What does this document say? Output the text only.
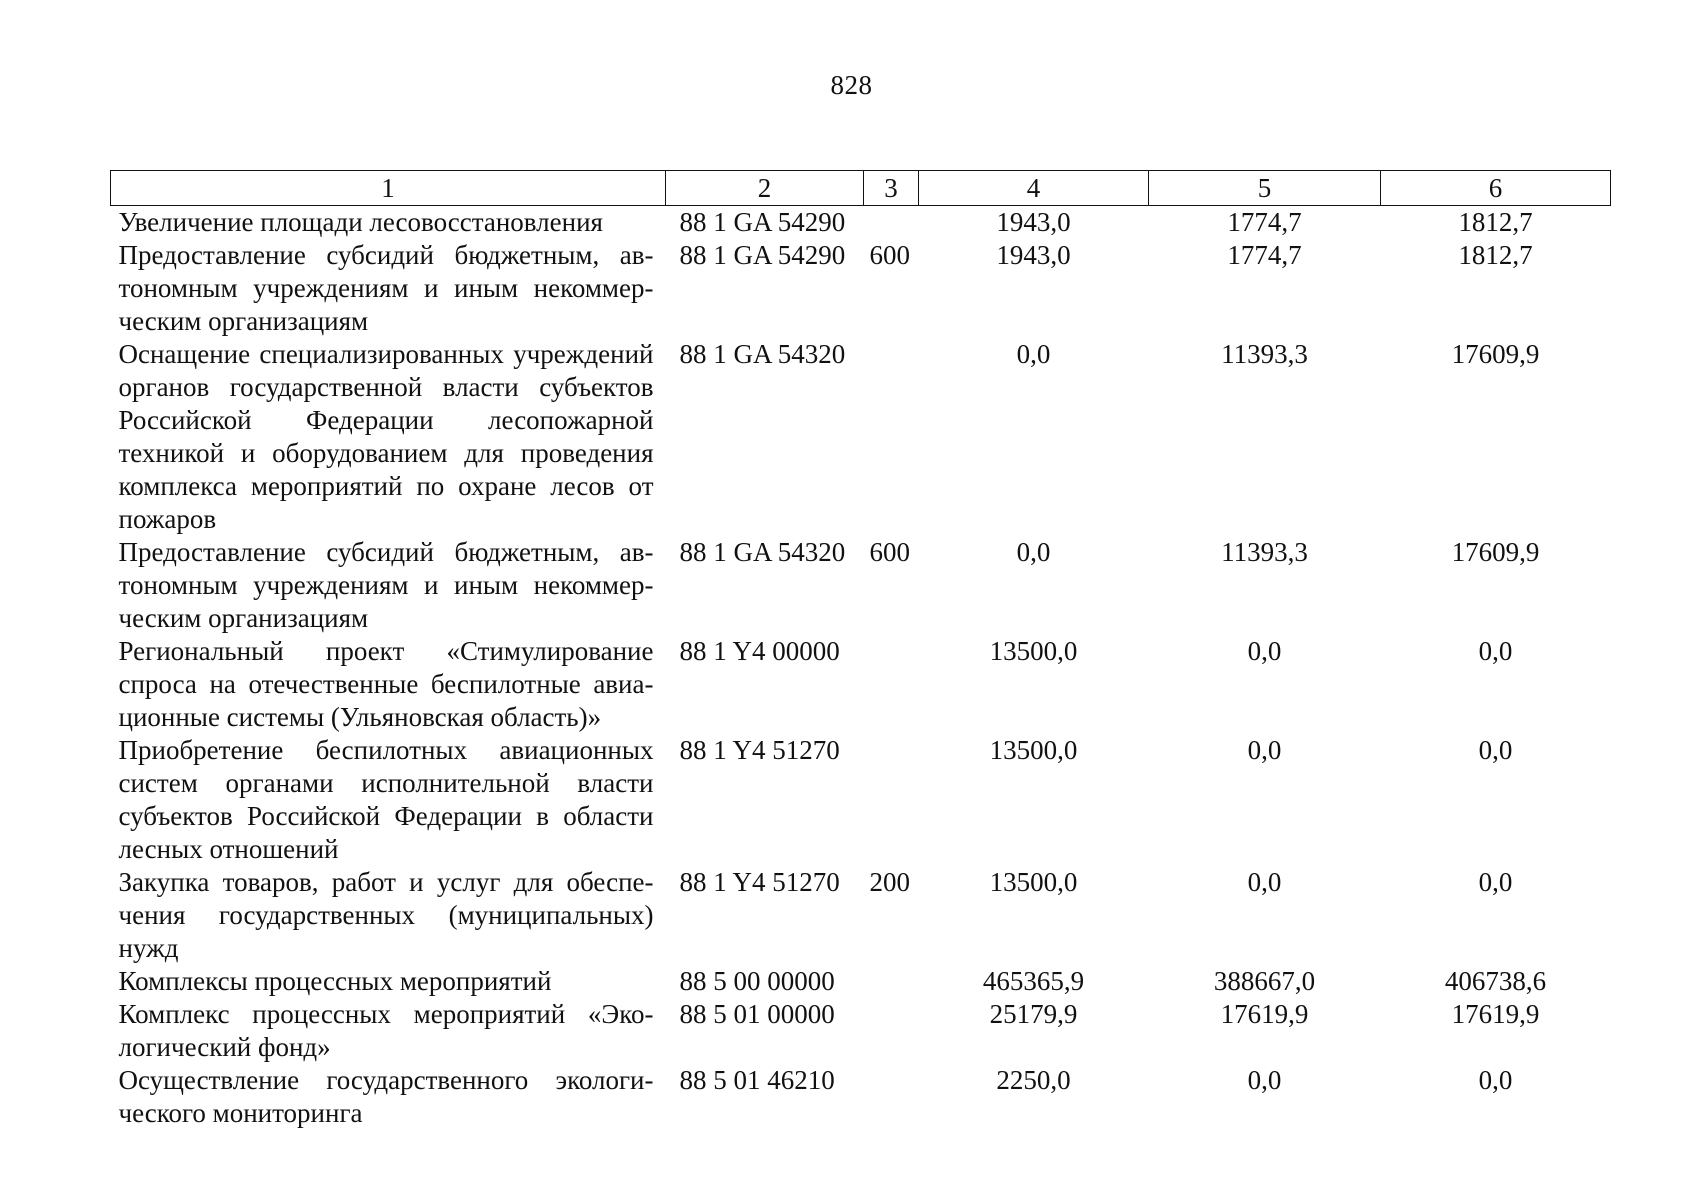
828
1	2	3	4	5	6
Увеличение площади лесовосстановления	88 1 GA 54290		1943,0	1774,7	1812,7
Предоставление субсидий бюджетным, автономным учреждениям и иным некоммерческим организациям	88 1 GA 54290	600	1943,0	1774,7	1812,7
Оснащение специализированных учреждений органов государственной власти субъектов Российской Федерации лесопожарной техникой и оборудованием для проведения комплекса мероприятий по охране лесов от пожаров	88 1 GA 54320		0,0	11393,3	17609,9
Предоставление субсидий бюджетным, автономным учреждениям и иным некоммерческим организациям	88 1 GA 54320	600	0,0	11393,3	17609,9
Региональный проект «Стимулирование спроса на отечественные беспилотные авиационные системы (Ульяновская область)»	88 1 Y4 00000		13500,0	0,0	0,0
Приобретение беспилотных авиационных систем органами исполнительной власти субъектов Российской Федерации в области лесных отношений	88 1 Y4 51270		13500,0	0,0	0,0
Закупка товаров, работ и услуг для обеспечения государственных (муниципальных) нужд	88 1 Y4 51270	200	13500,0	0,0	0,0
Комплексы процессных мероприятий	88 5 00 00000		465365,9	388667,0	406738,6
Комплекс процессных мероприятий «Экологический фонд»	88 5 01 00000		25179,9	17619,9	17619,9
Осуществление государственного экологического мониторинга	88 5 01 46210		2250,0	0,0	0,0
